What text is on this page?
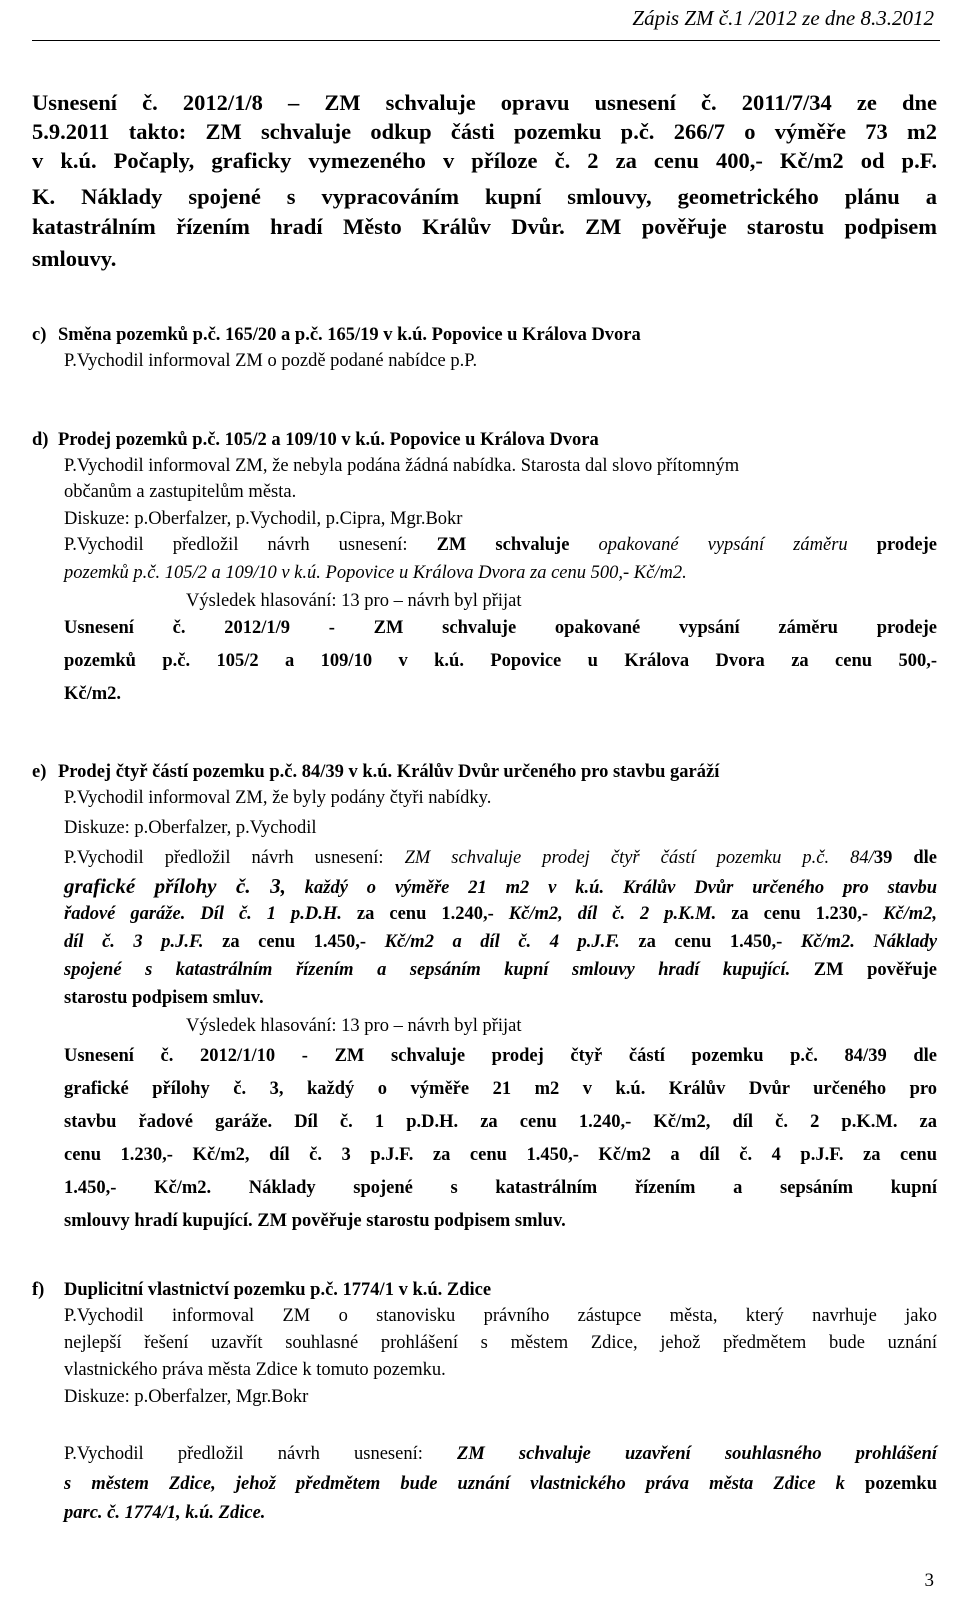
Zápis ZM č.1 /2012 ze dne 8.3.2012

Usnesení č. 2012/1/8 – ZM schvaluje opravu usnesení č. 2011/7/34 ze dne

5.9.2011 takto: ZM schvaluje odkup části pozemku p.č. 266/7 o výměře 73 m2

v k.ú. Počaply, graficky vymezeného v příloze č. 2 za cenu 400,- Kč/m2 od p.F.

K. Náklady spojené s vypracováním kupní smlouvy, geometrického plánu a

katastrálním řízením hradí Město Králův Dvůr. ZM pověřuje starostu podpisem

smlouvy.

c) Směna pozemků p.č. 165/20 a p.č. 165/19 v k.ú. Popovice u Králova Dvora

P.Vychodil informoval ZM o pozdě podané nabídce p.P.

d) Prodej pozemků p.č. 105/2 a 109/10 v k.ú. Popovice u Králova Dvora

P.Vychodil informoval ZM, že nebyla podána žádná nabídka. Starosta dal slovo přítomným

občanům a zastupitelům města.

Diskuze: p.Oberfalzer, p.Vychodil, p.Cipra, Mgr.Bokr

P.Vychodil předložil návrh usnesení: ZM schvaluje opakované vypsání záměru prodeje

pozemků p.č. 105/2 a 109/10 v k.ú. Popovice u Králova Dvora za cenu 500,- Kč/m2.

Výsledek hlasování: 13 pro – návrh byl přijat

Usnesení č. 2012/1/9 - ZM schvaluje opakované vypsání záměru prodeje

pozemků p.č. 105/2 a 109/10 v k.ú. Popovice u Králova Dvora za cenu 500,-

Kč/m2.

e) Prodej čtyř částí pozemku p.č. 84/39 v k.ú. Králův Dvůr určeného pro stavbu garáží

P.Vychodil informoval ZM, že byly podány čtyři nabídky.

Diskuze: p.Oberfalzer, p.Vychodil

P.Vychodil předložil návrh usnesení: ZM schvaluje prodej čtyř částí pozemku p.č. 84/39 dle

grafické přílohy č. 3, každý o výměře 21 m2 v k.ú. Králův Dvůr určeného pro stavbu

řadové garáže. Díl č. 1 p.D.H. za cenu 1.240,- Kč/m2, díl č. 2 p.K.M. za cenu 1.230,- Kč/m2,

díl č. 3 p.J.F. za cenu 1.450,- Kč/m2 a díl č. 4 p.J.F. za cenu 1.450,- Kč/m2. Náklady

spojené s katastrálním řízením a sepsáním kupní smlouvy hradí kupující. ZM pověřuje

starostu podpisem smluv.

Výsledek hlasování: 13 pro – návrh byl přijat

Usnesení č. 2012/1/10 - ZM schvaluje prodej čtyř částí pozemku p.č. 84/39 dle

grafické přílohy č. 3, každý o výměře 21 m2 v k.ú. Králův Dvůr určeného pro

stavbu řadové garáže. Díl č. 1 p.D.H. za cenu 1.240,- Kč/m2, díl č. 2 p.K.M. za

cenu 1.230,- Kč/m2, díl č. 3 p.J.F. za cenu 1.450,- Kč/m2 a díl č. 4 p.J.F. za cenu

1.450,- Kč/m2. Náklady spojené s katastrálním řízením a sepsáním kupní

smlouvy hradí kupující. ZM pověřuje starostu podpisem smluv.

f) Duplicitní vlastnictví pozemku p.č. 1774/1 v k.ú. Zdice

P.Vychodil informoval ZM o stanovisku právního zástupce města, který navrhuje jako

nejlepší řešení uzavřít souhlasné prohlášení s městem Zdice, jehož předmětem bude uznání

vlastnického práva města Zdice k tomuto pozemku.

Diskuze: p.Oberfalzer, Mgr.Bokr

P.Vychodil předložil návrh usnesení: ZM schvaluje uzavření souhlasného prohlášení

s městem Zdice, jehož předmětem bude uznání vlastnického práva města Zdice k pozemku

parc. č. 1774/1, k.ú. Zdice.

3
